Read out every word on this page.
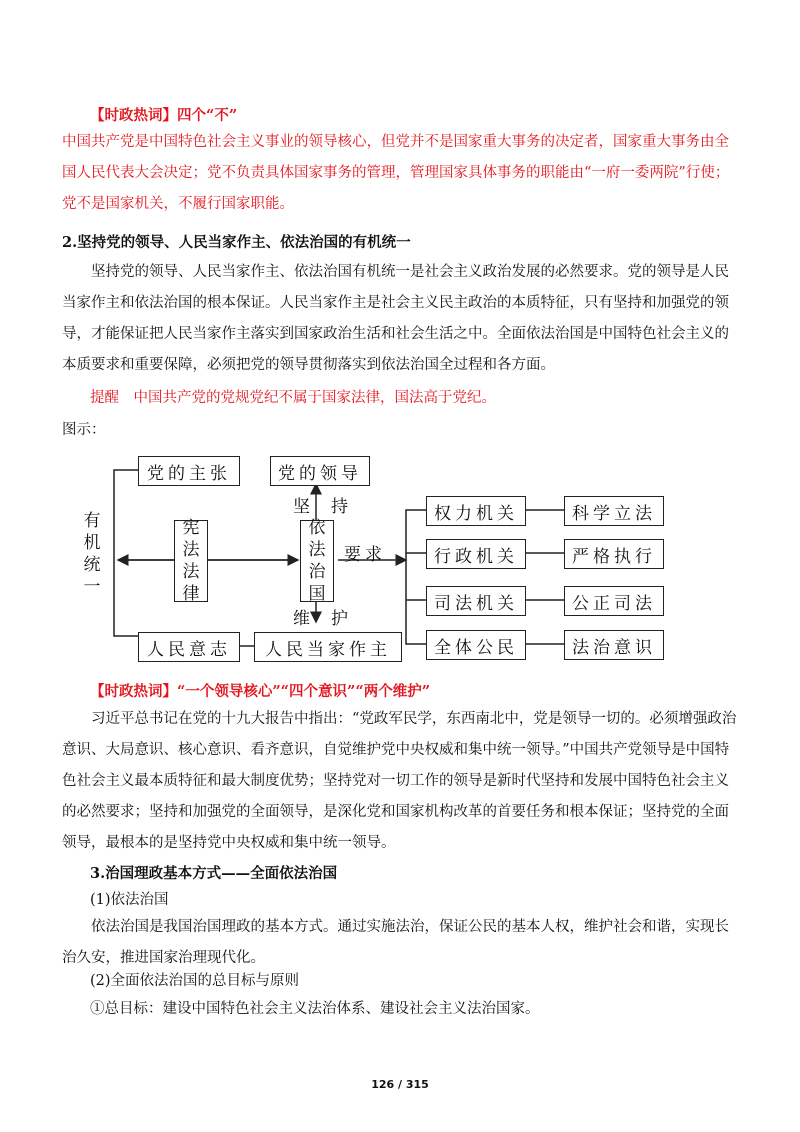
【时政热词】四个“不”

中国共产党是中国特色社会主义事业的领导核心，但党并不是国家重大事务的决定者，国家重大事务由全国人民代表大会决定；党不负责具体国家事务的管理，管理国家具体事务的职能由“一府一委两院”行使；党不是国家机关，不履行国家职能。

2.坚持党的领导、人民当家作主、依法治国的有机统一

坚持党的领导、人民当家作主、依法治国有机统一是社会主义政治发展的必然要求。党的领导是人民当家作主和依法治国的根本保证。人民当家作主是社会主义民主政治的本质特征，只有坚持和加强党的领导，才能保证把人民当家作主落实到国家政治生活和社会生活之中。全面依法治国是中国特色社会主义的本质要求和重要保障，必须把党的领导贯彻落实到依法治国全过程和各方面。

提醒　中国共产党的党规党纪不属于国家法律，国法高于党纪。
图示：
党的主张	党的领导
有机统一
宪法法律
坚　持
依法治国
要求
维　护
人民意志	人民当家作主
权力机关
行政机关
司法机关
全体公民
科学立法
严格执行
公正司法
法治意识
【时政热词】“一个领导核心”“四个意识”“两个维护”

习近平总书记在党的十九大报告中指出：“党政军民学，东西南北中，党是领导一切的。必须增强政治意识、大局意识、核心意识、看齐意识，自觉维护党中央权威和集中统一领导。”中国共产党领导是中国特色社会主义最本质特征和最大制度优势；坚持党对一切工作的领导是新时代坚持和发展中国特色社会主义的必然要求；坚持和加强党的全面领导，是深化党和国家机构改革的首要任务和根本保证；坚持党的全面领导，最根本的是坚持党中央权威和集中统一领导。

3.治国理政基本方式——全面依法治国
(1)依法治国

依法治国是我国治国理政的基本方式。通过实施法治，保证公民的基本人权，维护社会和谐，实现长治久安，推进国家治理现代化。

(2)全面依法治国的总目标与原则
①总目标：建设中国特色社会主义法治体系、建设社会主义法治国家。
126 / 315
